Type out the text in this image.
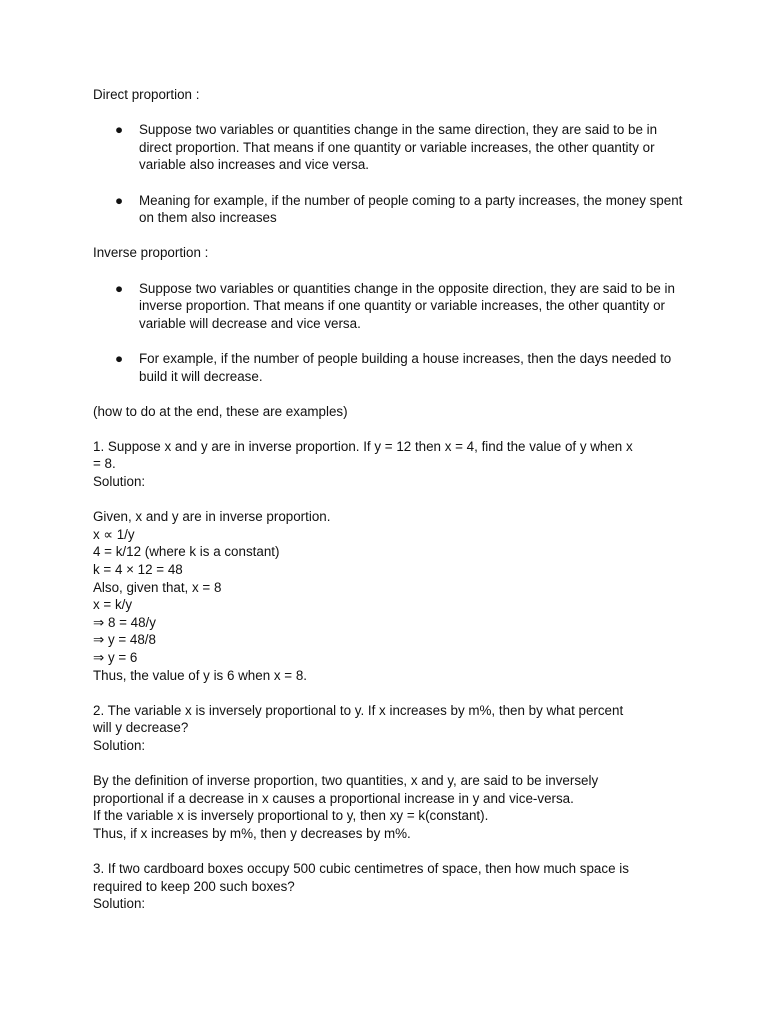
Direct proportion :

● Suppose two variables or quantities change in the same direction, they are said to be in direct proportion. That means if one quantity or variable increases, the other quantity or variable also increases and vice versa.
● Meaning for example, if the number of people coming to a party increases, the money spent on them also increases

Inverse proportion :

● Suppose two variables or quantities change in the opposite direction, they are said to be in inverse proportion. That means if one quantity or variable increases, the other quantity or variable will decrease and vice versa.
● For example, if the number of people building a house increases, then the days needed to build it will decrease.

(how to do at the end, these are examples)

1. Suppose x and y are in inverse proportion. If y = 12 then x = 4, find the value of y when x

= 8.

Solution:

Given, x and y are in inverse proportion.

x ∝ 1/y

4 = k/12 (where k is a constant)

k = 4 × 12 = 48

Also, given that, x = 8

x = k/y

⇒ 8 = 48/y

⇒ y = 48/8

⇒ y = 6

Thus, the value of y is 6 when x = 8.

2. The variable x is inversely proportional to y. If x increases by m%, then by what percent

will y decrease?

Solution:

By the definition of inverse proportion, two quantities, x and y, are said to be inversely

proportional if a decrease in x causes a proportional increase in y and vice-versa.

If the variable x is inversely proportional to y, then xy = k(constant).

Thus, if x increases by m%, then y decreases by m%.

3. If two cardboard boxes occupy 500 cubic centimetres of space, then how much space is

required to keep 200 such boxes?

Solution:
